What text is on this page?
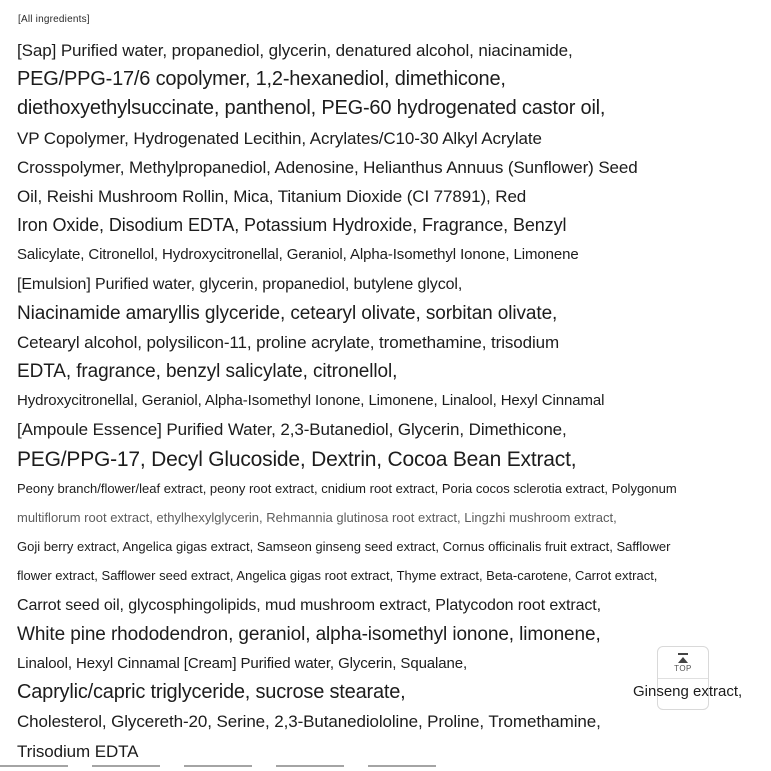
[All ingredients]
[Sap] Purified water, propanediol, glycerin, denatured alcohol, niacinamide,
PEG/PPG-17/6 copolymer, 1,2-hexanediol, dimethicone,
diethoxyethylsuccinate, panthenol, PEG-60 hydrogenated castor oil,
VP Copolymer, Hydrogenated Lecithin, Acrylates/C10-30 Alkyl Acrylate
Crosspolymer, Methylpropanediol, Adenosine, Helianthus Annuus (Sunflower) Seed
Oil, Reishi Mushroom Rollin, Mica, Titanium Dioxide (CI 77891), Red
Iron Oxide, Disodium EDTA, Potassium Hydroxide, Fragrance, Benzyl
Salicylate, Citronellol, Hydroxycitronellal, Geraniol, Alpha-Isomethyl Ionone, Limonene
[Emulsion] Purified water, glycerin, propanediol, butylene glycol,
Niacinamide amaryllis glyceride, cetearyl olivate, sorbitan olivate,
Cetearyl alcohol, polysilicon-11, proline acrylate, tromethamine, trisodium
EDTA, fragrance, benzyl salicylate, citronellol,
Hydroxycitronellal, Geraniol, Alpha-Isomethyl Ionone, Limonene, Linalool, Hexyl Cinnamal
[Ampoule Essence] Purified Water, 2,3-Butanediol, Glycerin, Dimethicone,
PEG/PPG-17, Decyl Glucoside, Dextrin, Cocoa Bean Extract,
Peony branch/flower/leaf extract, peony root extract, cnidium root extract, Poria cocos sclerotia extract, Polygonum
multiflorum root extract, ethylhexylglycerin, Rehmannia glutinosa root extract, Lingzhi mushroom extract,
Goji berry extract, Angelica gigas extract, Samseon ginseng seed extract, Cornus officinalis fruit extract, Safflower
flower extract, Safflower seed extract, Angelica gigas root extract, Thyme extract, Beta-carotene, Carrot extract,
Carrot seed oil, glycosphingolipids, mud mushroom extract, Platycodon root extract,
White pine rhododendron, geraniol, alpha-isomethyl ionone, limonene,
Linalool, Hexyl Cinnamal [Cream] Purified water, Glycerin, Squalane,
Caprylic/capric triglyceride, sucrose stearate,
Cholesterol, Glycereth-20, Serine, 2,3-Butanediololine, Proline, Tromethamine,
Trisodium EDTA
TOP
Ginseng extract,
